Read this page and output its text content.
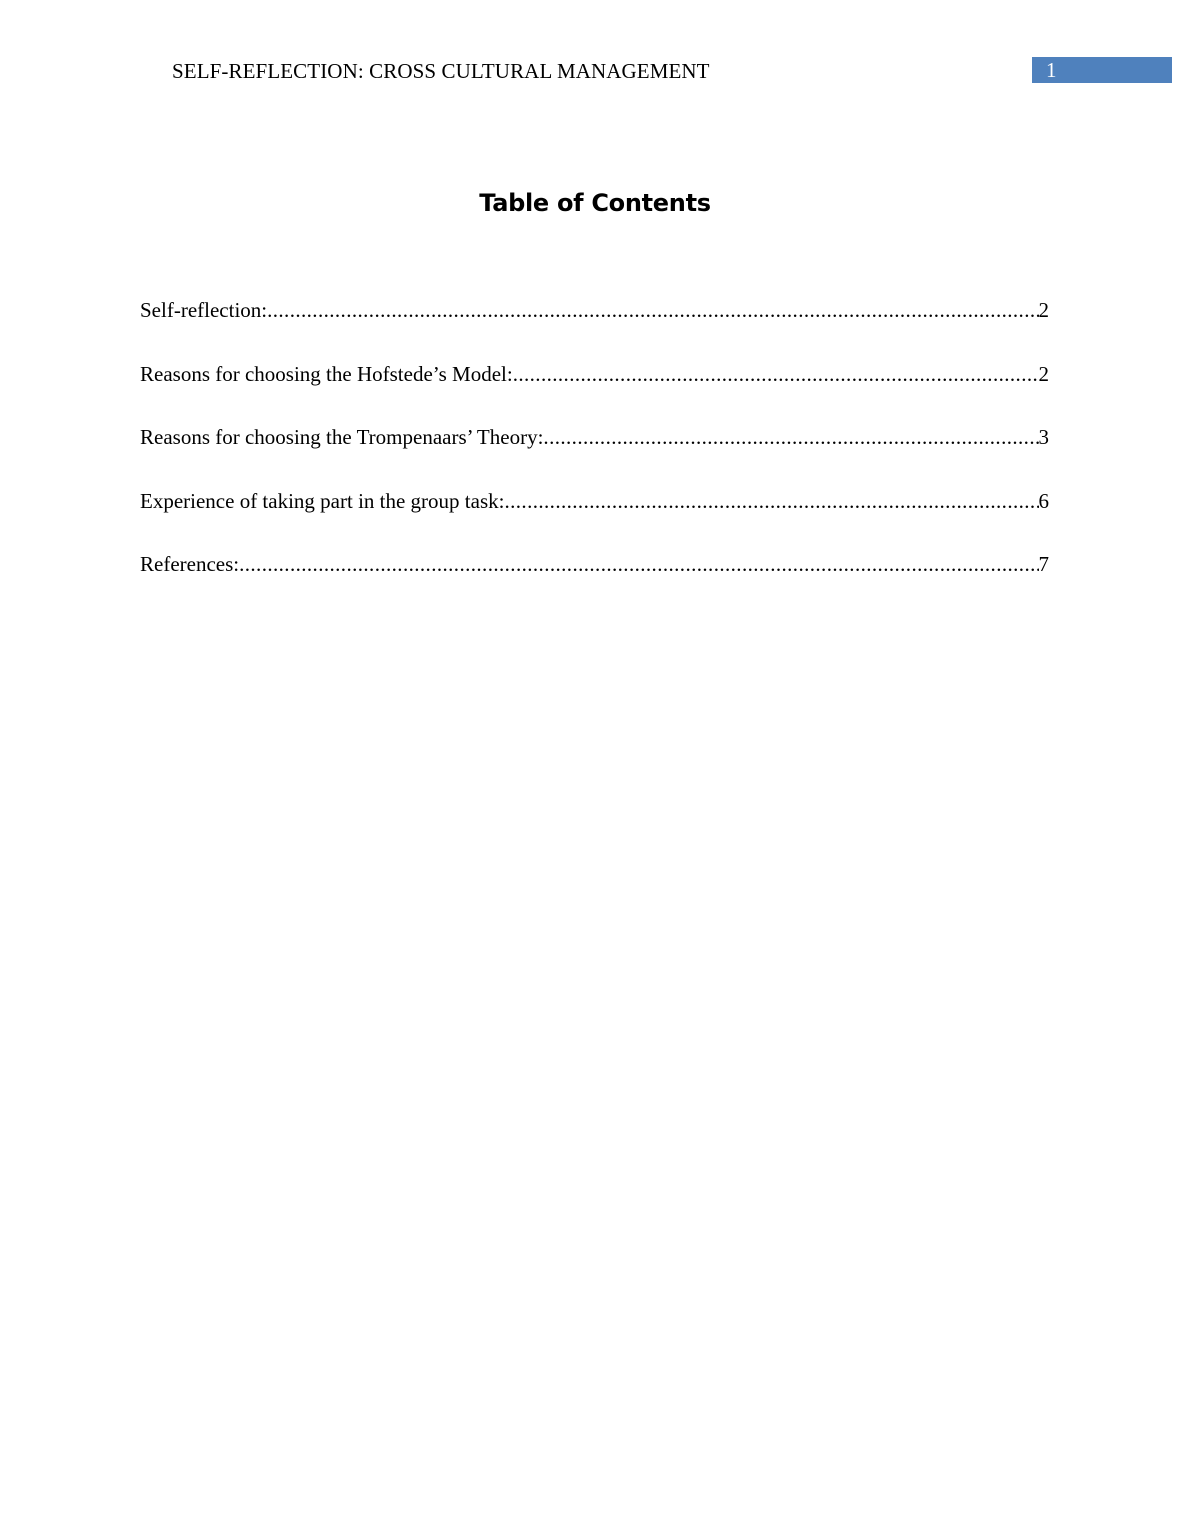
SELF-REFLECTION: CROSS CULTURAL MANAGEMENT	1
Table of Contents
Self-reflection: .....	2
Reasons for choosing the Hofstede’s Model: .....	2
Reasons for choosing the Trompenaars’ Theory: .....	3
Experience of taking part in the group task: .....	6
References: .....	7
